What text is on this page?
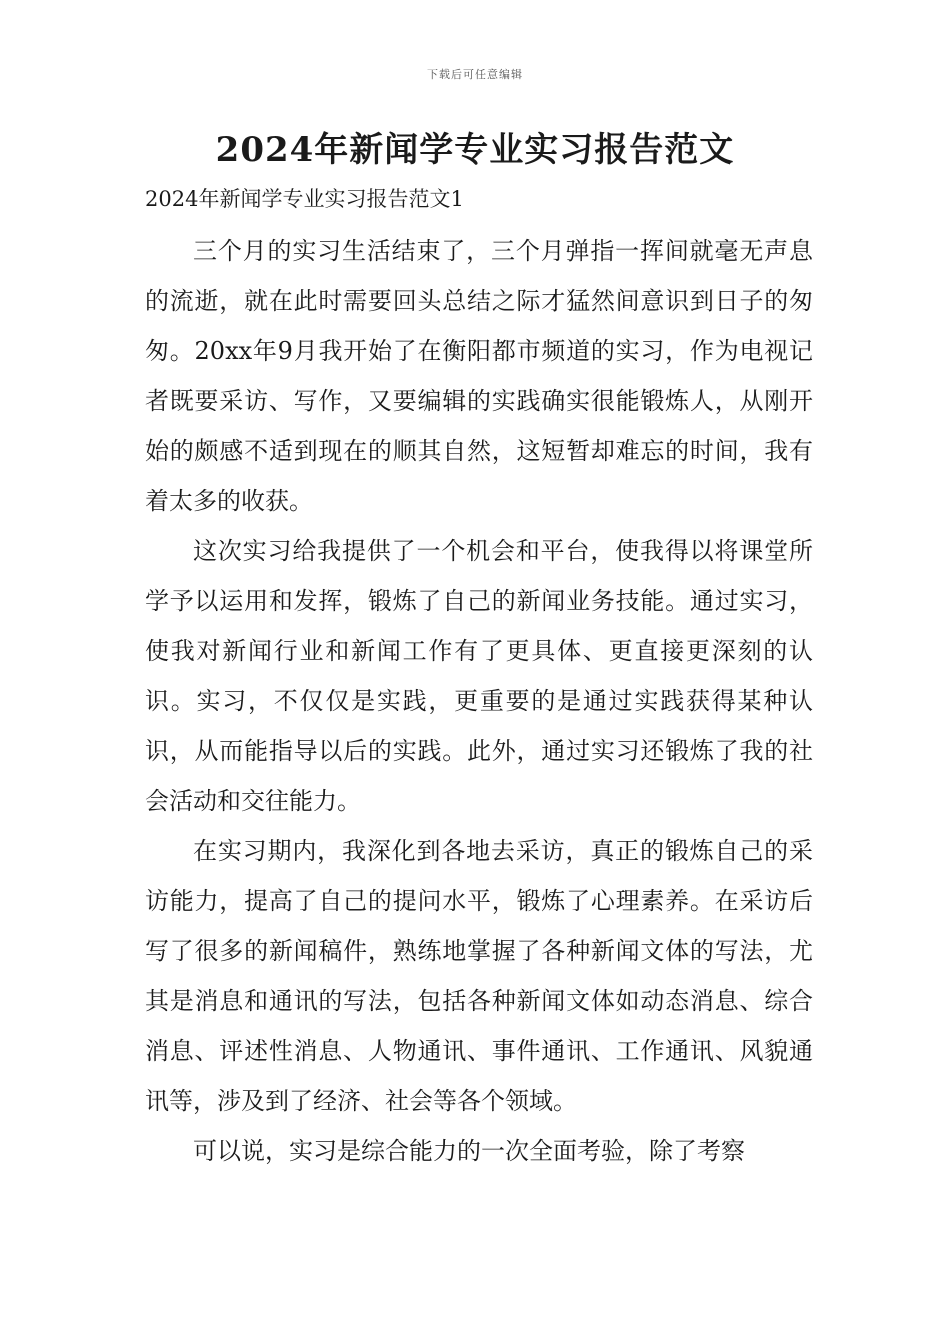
下载后可任意编辑
2024年新闻学专业实习报告范文

2024年新闻学专业实习报告范文1

三个月的实习生活结束了，三个月弹指一挥间就毫无声息的流逝，就在此时需要回头总结之际才猛然间意识到日子的匆匆。20xx年9月我开始了在衡阳都市频道的实习，作为电视记者既要采访、写作，又要编辑的实践确实很能锻炼人，从刚开始的颇感不适到现在的顺其自然，这短暂却难忘的时间，我有着太多的收获。

这次实习给我提供了一个机会和平台，使我得以将课堂所学予以运用和发挥，锻炼了自己的新闻业务技能。通过实习，使我对新闻行业和新闻工作有了更具体、更直接更深刻的认识。实习，不仅仅是实践，更重要的是通过实践获得某种认识，从而能指导以后的实践。此外，通过实习还锻炼了我的社会活动和交往能力。

在实习期内，我深化到各地去采访，真正的锻炼自己的采访能力，提高了自己的提问水平，锻炼了心理素养。在采访后写了很多的新闻稿件，熟练地掌握了各种新闻文体的写法，尤其是消息和通讯的写法，包括各种新闻文体如动态消息、综合消息、评述性消息、人物通讯、事件通讯、工作通讯、风貌通讯等，涉及到了经济、社会等各个领域。

可以说，实习是综合能力的一次全面考验，除了考察
